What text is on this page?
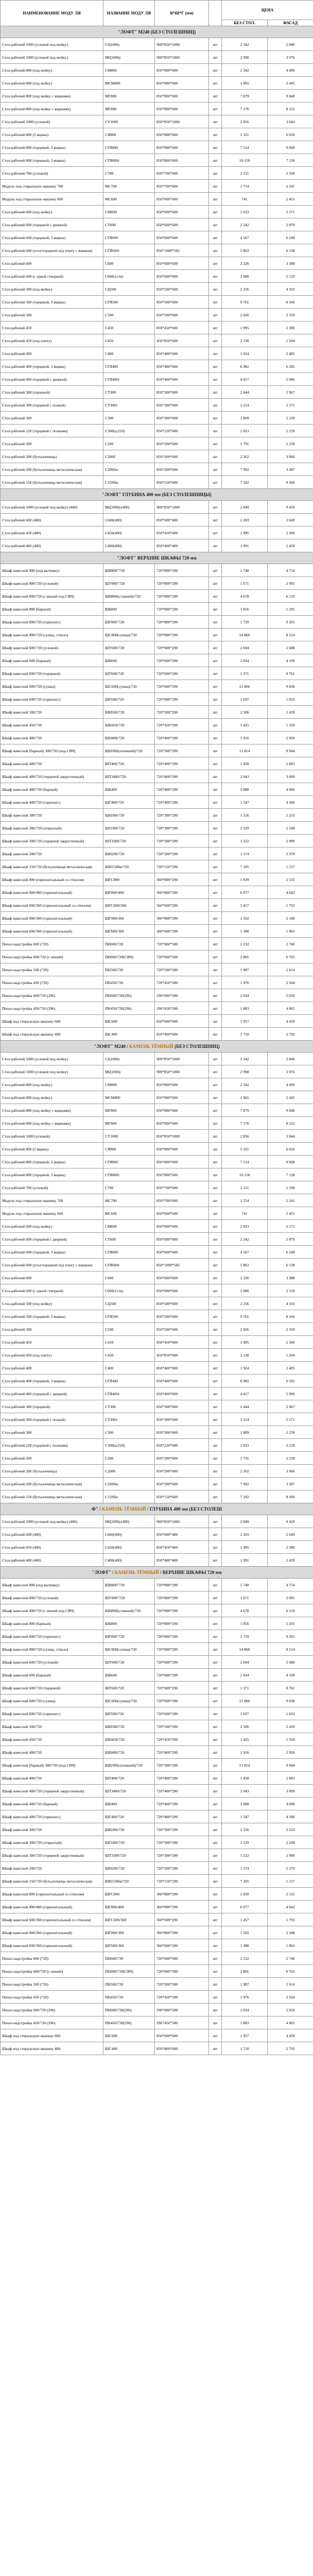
НАИМЕНОВАНИЕ МОДУ ЛЯ	НАЗВАНИЕ МОДУ ЛЯ	В*Ш*Г (мм)		ЦЕНА	
				БЕЗ СТОЛ.	ФАСАД
"ЛОФТ" М240 (БЕЗ СТОЛЕШНИЦ)					
Стол-рабочий 1000 (угловой под мойку)	СЦ1000у	900*850*1000	шт	2 342	2 840
Стол-рабочий 1000 (угловой под мойку)	МЦ1000у	900*850*1000	шт	2 998	3 976
Стол-рабочий 800 (под мойку)	СМ800	850*800*600	шт	2 342	4 490
Стол-рабочий 800 (под мойку)	МСМ800	850*800*600	шт	1 965	2 445
Стол-рабочий 800 (под мойку с ящиками)	МГ800	850*800*600	шт	7 879	9 848
Стол-рабочий 800 (под мойку с ящиками)	МГ800	850*800*600	шт	7 176	8 122
Стол-рабочий 1000 (угловой)	СУ1000	850*850*1000	шт	2 856	3 844
Стол-рабочий 800 (2 ящика)	СЯ800	850*800*600	шт	5 321	6 650
Стол-рабочий 800 (торцевой, 3 ящика)	СГЯ800	850*800*600	шт	7 514	9 668
Стол-рабочий 800 (торцевой, 3 ящика)	СГЯ800т	850*800*600	шт	10 158	7 128
Стол-рабочий 700 (угловой)	С700	850*700*600	шт	2 211	2 590
Модуль под стиральную машину 700	МС700	850*700*600	шт	1 754	2 241
Модуль под стиральную машину 600	МС600	850*600*600	шт	741	2 455
Стол-рабочий 600 (под мойку)	СМ600	850*600*600	шт	2 033	2 171
Стол-рабочий 600 (торцевой с дверкой)	СТ600	850*600*600	шт	2 242	2 879
Стол-рабочий 600 (торцевой, 3 ящика)	СГЯ600	850*600*600	шт	4 567	6 249
Стол-рабочий 600 (угол/торцевой под плиту с ящиком)	СГЯ600т	850*1000*582	шт	5 863	6 538
Стол-рабочий 600	С600	850*600*600	шт	2 226	3 388
Стол-рабочий 600 (с одной створкой)	С600(1ств)	850*600*600	шт	2 080	2 519
Стол-рабочий 500 (под мойку)	СЦ500	850*500*600	шт	2 256	4 103
Стол-рабочий 500 (торцевой, 3 ящика)	СГЯ500	850*500*600	шт	9 761	8 166
Стол-рабочий 500	С500	850*500*600	шт	2 026	2 359
Стол-рабочий 450	С450	850*450*600	шт	1 995	2 390
Стол-рабочий 450 (под плиту)	С450	450*850*600	шт	2 138	1 204
Стол-рабочий 400	С400	850*400*600	шт	1 924	2 485
Стол-рабочий 400 (торцевой, 3 ящика)	СГЯ400	850*400*600	шт	6 982	6 585
Стол-рабочий 400 (торцевой с дверкой)	СГЯ400т	850*400*600	шт	4 417	5 096
Стол-рабочий 300 (торцевой)	СТ300	850*300*600	шт	2 444	2 967
Стол-рабочий 300 (торцевой с полкой)	СТ300т	850*300*600	шт	2 214	2 171
Стол-рабочий 300	С300	850*300*600	шт	1 809	2 239
Стол-рабочий 220 (торцевой с полками)	С300(ц/220)	850*220*600	шт	2 023	2 239
Стол-рабочий 200	С200	850*200*600	шт	1 791	2 239
Стол-рабочий 200 (бутылочница)	С200б	850*200*600	шт	2 262	3 966
Стол-рабочий 200 (бутылочница металлическая)	С200бм	850*200*600	шт	7 992	3 387
Стол-рабочий 150 (бутылочница металлическая)	С150бм	850*150*600	шт	7 182	8 360
"ЛОФТ" ГЛУБИНА 400 мм (БЕЗ СТОЛЕШНИЦЫ)					
Стол-рабочий 1000 (угловой под мойку) (400)	МЦ1000у(400)	900*850*1000	шт	2 849	9 429
Стол-рабочий 600 (400)	С600(400)	850*600*400	шт	2 203	2 649
Стол-рабочий 450 (400)	С450(400)	850*450*400	шт	1 995	2 390
Стол-рабочий 400 (400)	С400(400)	850*400*400	шт	1 991	2 439
"ЛОФТ" ВЕРХНИЕ ШКАФЫ 720 мм					
Шкаф навесной 800 (под вытяжку)	ШВ800"720	720*800*290	шт	1 748	4 754
Шкаф навесной 800/720 (угловой)	ШУ800"720	720*800*290	шт	1 671	2 991
Шкаф навесной 800/720 (с нишей под СВЧ)	ШН800(с/нишей)/720	720*800*290	шт	4 678	6 519
Шкаф навесной 800 (барный)	ШБ800	720*800*290	шт	1 856	5 201
Шкаф навесной 800/720 (горизонт.)	ШГ800"720	720*800*290	шт	1 729	9 265
Шкаф навесной 800/720 (сушка, стекло)	ШС800(сушка)/720	720*800*290	шт	14 860	8 214
Шкаф навесной 600/720 (угловой)	ШУ600/720	720*600*290	шт	2 694	2 688
Шкаф навесной 600 (барный)	ШБ600	720*600*290	шт	2 834	4 199
Шкаф навесной 600/720 (торцевой)	ШТ600/720	720*600*290	шт	1 371	8 761
Шкаф навесной 600/720 (сушка)	ШС600(сушка)/720	720*600*290	шт	15 806	9 838
Шкаф навесной 600/720 (горизонт.)	ШГ600/720	720*600*290	шт	1 697	1 833
Шкаф навесной 500/720	ШН500/720	720*500*290	шт	2 506	2 439
Шкаф навесной 450/720	ШН450/720	720*450*290	шт	1 425	1 359
Шкаф навесной 400/720	ШН400/720	720*400*290	шт	1 916	2 950
Шкаф навесной (барный) 300/720 (под СВЧ)	ШН300(св/нишей)/720	720*300*290	шт	13 814	9 944
Шкаф навесной 400/720	ШТ400/720	720*400*290	шт	1 458	2 683
Шкаф навесной 400/720 (торцевой закругленный)	ШТЗ400/720	720*400*290	шт	2 043	3 099
Шкаф навесной 400/720 (барный)	ШБ400	720*400*290	шт	2 888	4 096
Шкаф навесной 400/720 (горизонт.)	ШГ400/720	720*400*290	шт	1 547	4 396
Шкаф навесной 300/720	ШН300/720	720*300*290	шт	1 556	2 233
Шкаф навесной 300/720 (открытый)	ШО300/720	720*300*290	шт	1 529	2 249
Шкаф навесной 300/720 (торцевой закругленный)	ШТЗ300/720	720*300*290	шт	1 222	2 990
Шкаф навесной 200/720	ШН200/720	720*200*290	шт	1 574	2 379
Шкаф навесной 150/720 (бутылочница металлическая)	ШН150бм/720	720*150*290	шт	7 105	1 137
Шкаф навесной 800 (горизонтальный со стеклом)	ШГС800	360*800*290	шт	1 839	2 535
Шкаф навесной 800/400 (горизонтальный)	ШГ800/400	360*800*290	шт	6 077	4 642
Шкаф навесной 600/360 (горизонтальный со стеклом)	ШГС600/360	360*600*290	шт	1 457	1 793
Шкаф навесной 800/360 (горизонтальный)	ШГ800/360	360*800*290	шт	1 502	2 188
Шкаф навесной 600/360 (горизонтальный)	ШГ600/360	360*600*290	шт	1 388	1 963
Пенал-надстройка 600 (720)	ПН600/720	720*600*580	шт	2 232	2 740
Пенал-надстройка 600/720 (с нишей)	ПН600/720(СВЧ)	720*600*580	шт	2 801	6 765
Пенал-надстройка 500 (720)	ПН500/720	720*500*580	шт	1 987	2 614
Пенал-надстройка 450 (720)	ПН450/720	720*450*580	шт	1 976	2 504
Пенал-надстройка 600/720 (296)	ПН600/720(296)	296*600*580	шт	2 034	2 650
Пенал-надстройка 450/720 (296)	ПН450/720(296)	296*450*580	шт	1 883	4 065
Шкаф под стиральную машину 600	ШС600	850*600*600	шт	1 957	4 439
Шкаф под стиральную машину 400	ШС400	850*400*600	шт	1 710	2 792
"ЛОФТ" М240 / КАМЕНЬ ТЁМНЫЙ (БЕЗ СТОЛЕШНИЦ)					
Стол-рабочий 1000 (угловой под мойку)	СЦ1000у	900*850*1000	шт	2 342	2 840
Стол-рабочий 1000 (угловой под мойку)	МЦ1000у	900*850*1000	шт	2 998	3 976
Стол-рабочий 800 (под мойку)	СМ800	850*800*600	шт	2 342	4 490
Стол-рабочий 800 (под мойку)	МСМ800	850*800*600	шт	1 965	2 445
Стол-рабочий 800 (под мойку с ящиками)	МГ800	850*800*600	шт	7 879	9 848
Стол-рабочий 800 (под мойку с ящиками)	МГ800	850*800*600	шт	7 176	8 122
Стол-рабочий 1000 (угловой)	СУ1000	850*850*1000	шт	2 856	3 844
Стол-рабочий 800 (2 ящика)	СЯ800	850*800*600	шт	5 321	6 650
Стол-рабочий 800 (торцевой, 3 ящика)	СГЯ800	850*800*600	шт	7 514	9 668
Стол-рабочий 800 (торцевой, 3 ящика)	СГЯ800т	850*800*600	шт	10 158	7 128
Стол-рабочий 700 (угловой)	С700	850*700*600	шт	2 211	2 590
Модуль под стиральную машину 700	МС700	850*700*600	шт	1 754	2 241
Модуль под стиральную машину 600	МС600	850*600*600	шт	741	2 455
Стол-рабочий 600 (под мойку)	СМ600	850*600*600	шт	2 033	2 171
Стол-рабочий 600 (торцевой с дверкой)	СТ600	850*600*600	шт	2 242	2 879
Стол-рабочий 600 (торцевой, 3 ящика)	СГЯ600	850*600*600	шт	4 567	6 249
Стол-рабочий 600 (угол/торцевой под плиту с ящиком)	СГЯ600т	850*1000*582	шт	5 863	6 538
Стол-рабочий 600	С600	850*600*600	шт	2 226	3 388
Стол-рабочий 600 (с одной створкой)	С600(1ств)	850*600*600	шт	2 080	2 519
Стол-рабочий 500 (под мойку)	СЦ500	850*500*600	шт	2 256	4 103
Стол-рабочий 500 (торцевой, 3 ящика)	СГЯ500	850*500*600	шт	9 761	8 166
Стол-рабочий 500	С500	850*500*600	шт	2 026	2 359
Стол-рабочий 450	С450	850*450*600	шт	1 995	2 390
Стол-рабочий 450 (под плиту)	С450	450*850*600	шт	2 138	1 204
Стол-рабочий 400	С400	850*400*600	шт	1 924	2 485
Стол-рабочий 400 (торцевой, 3 ящика)	СГЯ400	850*400*600	шт	6 982	6 585
Стол-рабочий 400 (торцевой с дверкой)	СГЯ400т	850*400*600	шт	4 417	5 096
Стол-рабочий 300 (торцевой)	СТ300	850*300*600	шт	2 444	2 967
Стол-рабочий 300 (торцевой с полкой)	СТ300т	850*300*600	шт	2 214	2 171
Стол-рабочий 300	С300	850*300*600	шт	1 809	2 239
Стол-рабочий 220 (торцевой с полками)	С300(ц/220)	850*220*600	шт	2 023	2 239
Стол-рабочий 200	С200	850*200*600	шт	1 791	2 239
Стол-рабочий 200 (бутылочница)	С200б	850*200*600	шт	2 262	3 966
Стол-рабочий 200 (бутылочница металлическая)	С200бм	850*200*600	шт	7 992	3 387
Стол-рабочий 150 (бутылочница металлическая)	С150бм	850*150*600	шт	7 182	8 360
Ф" / КАМЕНЬ ТЁМНЫЙ / ГЛУБИНА 400 мм (БЕЗ СТОЛЕШ					
Стол-рабочий 1000 (угловой под мойку) (400)	МЦ1000у(400)	900*850*1000	шт	2 849	9 429
Стол-рабочий 600 (400)	С600(400)	850*600*400	шт	2 203	2 649
Стол-рабочий 450 (400)	С450(400)	850*450*400	шт	1 995	2 390
Стол-рабочий 400 (400)	С400(400)	850*400*400	шт	1 991	2 439
"ЛОФТ" / КАМЕНЬ ТЁМНЫЙ / ВЕРХНИЕ ШКАФЫ 720 мм					
Шкаф навесной 800 (под вытяжку)	ШВ800"720	720*800*290	шт	1 748	4 754
Шкаф навесной 800/720 (угловой)	ШУ800"720	720*800*290	шт	1 671	2 991
Шкаф навесной 800/720 (с нишей под СВЧ)	ШН800(с/нишей)/720	720*800*290	шт	4 678	6 519
Шкаф навесной 800 (барный)	ШБ800	720*800*290	шт	1 856	5 201
Шкаф навесной 800/720 (горизонт.)	ШГ800"720	720*800*290	шт	1 729	9 265
Шкаф навесной 800/720 (сушка, стекло)	ШС800(сушка)/720	720*800*290	шт	14 860	8 214
Шкаф навесной 600/720 (угловой)	ШУ600/720	720*600*290	шт	2 694	2 688
Шкаф навесной 600 (барный)	ШБ600	720*600*290	шт	2 834	4 199
Шкаф навесной 600/720 (торцевой)	ШТ600/720	720*600*290	шт	1 371	8 761
Шкаф навесной 600/720 (сушка)	ШС600(сушка)/720	720*600*290	шт	15 806	9 838
Шкаф навесной 600/720 (горизонт.)	ШГ600/720	720*600*290	шт	1 697	1 833
Шкаф навесной 500/720	ШН500/720	720*500*290	шт	2 506	2 439
Шкаф навесной 450/720	ШН450/720	720*450*290	шт	1 425	1 359
Шкаф навесной 400/720	ШН400/720	720*400*290	шт	1 916	2 950
Шкаф навесной (барный) 300/720 (под СВЧ)	ШН300(св/нишей)/720	720*300*290	шт	13 814	9 944
Шкаф навесной 400/720	ШТ400/720	720*400*290	шт	1 458	2 683
Шкаф навесной 400/720 (торцевой закругленный)	ШТЗ400/720	720*400*290	шт	2 043	3 099
Шкаф навесной 400/720 (барный)	ШБ400	720*400*290	шт	2 888	4 096
Шкаф навесной 400/720 (горизонт.)	ШГ400/720	720*400*290	шт	1 547	4 396
Шкаф навесной 300/720	ШН300/720	720*300*290	шт	1 556	2 233
Шкаф навесной 300/720 (открытый)	ШО300/720	720*300*290	шт	1 529	2 249
Шкаф навесной 300/720 (торцевой закругленный)	ШТЗ300/720	720*300*290	шт	1 222	2 990
Шкаф навесной 200/720	ШН200/720	720*200*290	шт	1 574	2 379
Шкаф навесной 150/720 (бутылочница металлическая)	ШН150бм/720	720*150*290	шт	7 105	1 137
Шкаф навесной 800 (горизонтальный со стеклом)	ШГС800	360*800*290	шт	1 839	2 535
Шкаф навесной 800/400 (горизонтальный)	ШГ800/400	360*800*290	шт	6 077	4 642
Шкаф навесной 600/360 (горизонтальный со стеклом)	ШГС600/360	360*600*290	шт	1 457	1 793
Шкаф навесной 800/360 (горизонтальный)	ШГ800/360	360*800*290	шт	1 502	2 188
Шкаф навесной 600/360 (горизонтальный)	ШГ600/360	360*600*290	шт	1 388	1 963
Пенал-надстройка 600 (720)	ПН600/720	720*600*580	шт	2 232	2 740
Пенал-надстройка 600/720 (с нишей)	ПН600/720(СВЧ)	720*600*580	шт	2 801	6 765
Пенал-надстройка 500 (720)	ПН500/720	720*500*580	шт	1 987	2 614
Пенал-надстройка 450 (720)	ПН450/720	720*450*580	шт	1 976	2 504
Пенал-надстройка 600/720 (296)	ПН600/720(296)	296*600*580	шт	2 034	2 650
Пенал-надстройка 450/720 (296)	ПН450/720(296)	296*450*580	шт	1 883	4 065
Шкаф под стиральную машину 600	ШС600	850*600*600	шт	1 957	4 439
Шкаф под стиральную машину 400	ШС400	850*400*600	шт	1 710	2 792
